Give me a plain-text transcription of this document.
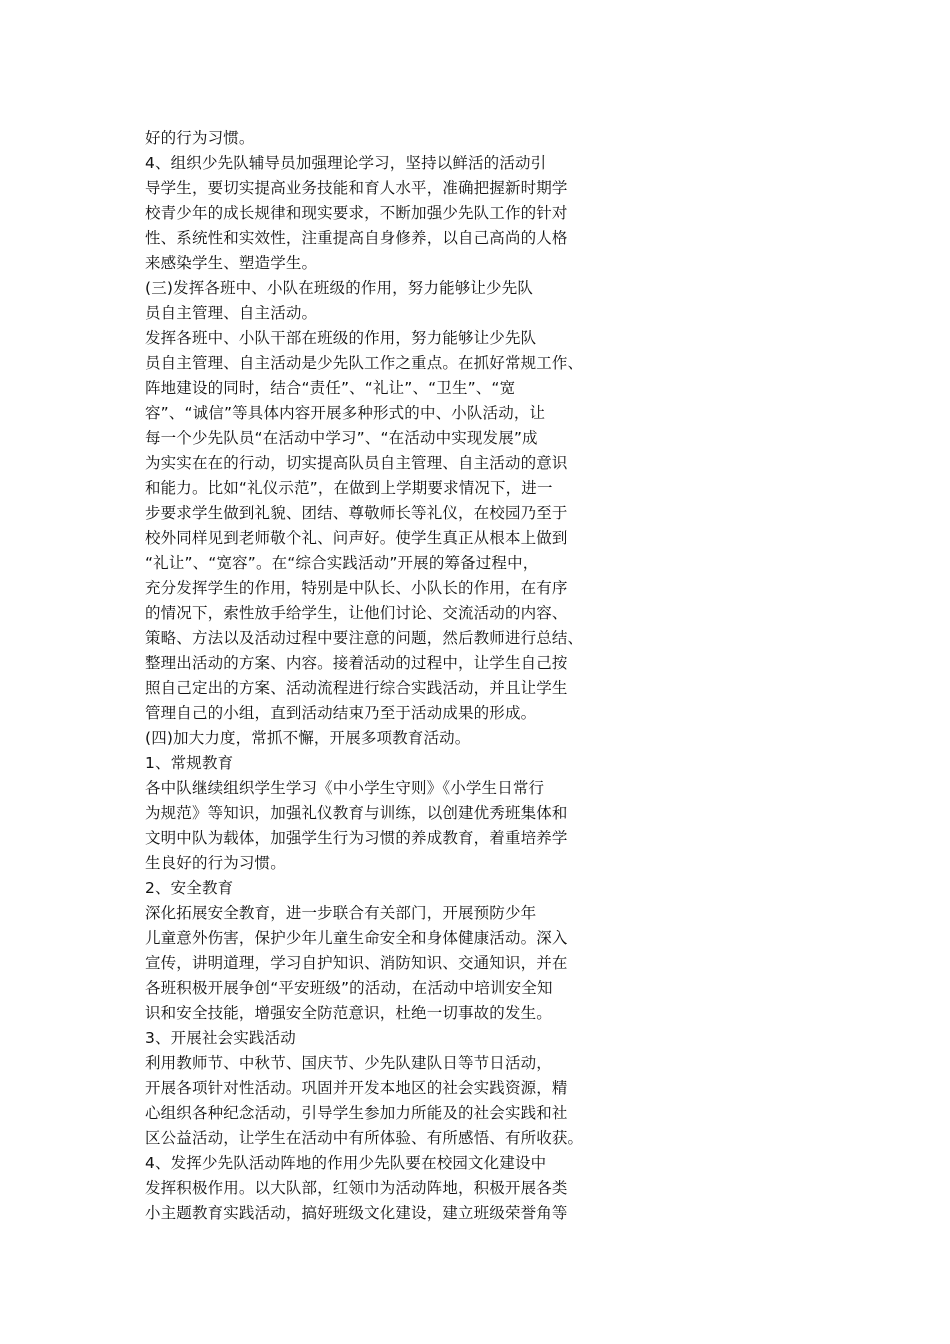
好的行为习惯。
4、组织少先队辅导员加强理论学习，坚持以鲜活的活动引
导学生，要切实提高业务技能和育人水平，准确把握新时期学
校青少年的成长规律和现实要求，不断加强少先队工作的针对
性、系统性和实效性，注重提高自身修养，以自己高尚的人格
来感染学生、塑造学生。
(三)发挥各班中、小队在班级的作用，努力能够让少先队
员自主管理、自主活动。
发挥各班中、小队干部在班级的作用，努力能够让少先队
员自主管理、自主活动是少先队工作之重点。在抓好常规工作、
阵地建设的同时，结合“责任”、“礼让”、“卫生”、“宽
容”、“诚信”等具体内容开展多种形式的中、小队活动，让
每一个少先队员“在活动中学习”、“在活动中实现发展”成
为实实在在的行动，切实提高队员自主管理、自主活动的意识
和能力。比如“礼仪示范”，在做到上学期要求情况下，进一
步要求学生做到礼貌、团结、尊敬师长等礼仪，在校园乃至于
校外同样见到老师敬个礼、问声好。使学生真正从根本上做到
“礼让”、“宽容”。在“综合实践活动”开展的筹备过程中，
充分发挥学生的作用，特别是中队长、小队长的作用，在有序
的情况下，索性放手给学生，让他们讨论、交流活动的内容、
策略、方法以及活动过程中要注意的问题，然后教师进行总结、
整理出活动的方案、内容。接着活动的过程中，让学生自己按
照自己定出的方案、活动流程进行综合实践活动，并且让学生
管理自己的小组，直到活动结束乃至于活动成果的形成。
(四)加大力度，常抓不懈，开展多项教育活动。
1、常规教育
各中队继续组织学生学习《中小学生守则》《小学生日常行
为规范》等知识，加强礼仪教育与训练，以创建优秀班集体和
文明中队为载体，加强学生行为习惯的养成教育，着重培养学
生良好的行为习惯。
2、安全教育
深化拓展安全教育，进一步联合有关部门，开展预防少年
儿童意外伤害，保护少年儿童生命安全和身体健康活动。深入
宣传，讲明道理，学习自护知识、消防知识、交通知识，并在
各班积极开展争创“平安班级”的活动，在活动中培训安全知
识和安全技能，增强安全防范意识，杜绝一切事故的发生。
3、开展社会实践活动
利用教师节、中秋节、国庆节、少先队建队日等节日活动，
开展各项针对性活动。巩固并开发本地区的社会实践资源，精
心组织各种纪念活动，引导学生参加力所能及的社会实践和社
区公益活动，让学生在活动中有所体验、有所感悟、有所收获。
4、发挥少先队活动阵地的作用少先队要在校园文化建设中
发挥积极作用。以大队部，红领巾为活动阵地，积极开展各类
小主题教育实践活动，搞好班级文化建设，建立班级荣誉角等
